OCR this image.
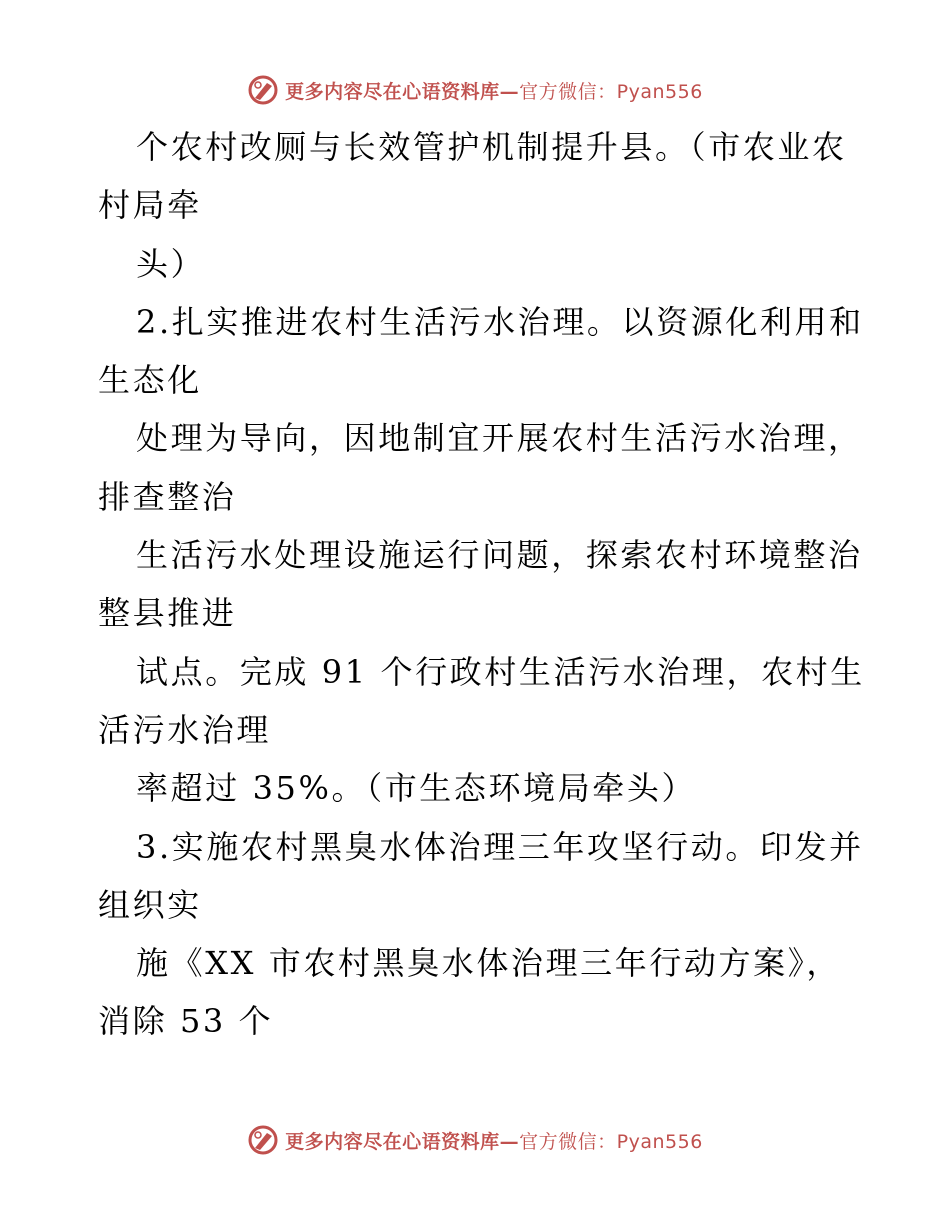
更多内容尽在心语资料库—官方微信：Pyan556
个农村改厕与长效管护机制提升县。（市农业农
村局牵
头）
2.扎实推进农村生活污水治理。以资源化利用和
生态化
处理为导向，因地制宜开展农村生活污水治理，
排查整治
生活污水处理设施运行问题，探索农村环境整治
整县推进
试点。完成 91 个行政村生活污水治理，农村生
活污水治理
率超过 35%。（市生态环境局牵头）
3.实施农村黑臭水体治理三年攻坚行动。印发并
组织实
施《XX 市农村黑臭水体治理三年行动方案》，
消除 53 个
更多内容尽在心语资料库—官方微信：Pyan556
